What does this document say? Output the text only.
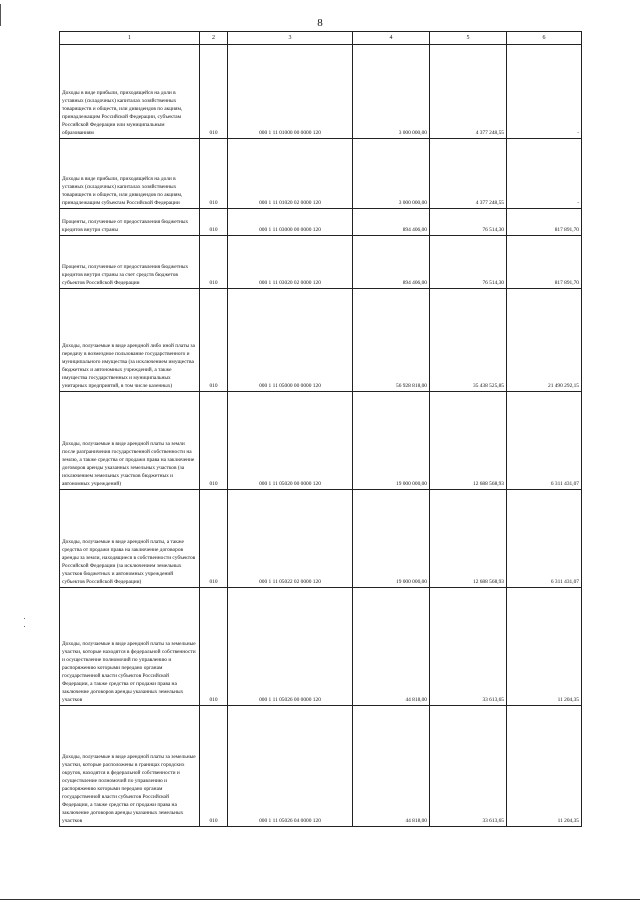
8
1	2	3	4	5	6
Доходы в виде прибыли, приходящейся на доли в уставных (складочных) капиталах хозяйственных товариществ и обществ, или дивидендов по акциям, принадлежащим Российской Федерации, субъектам Российской Федерации или муниципальным образованиям	010	000 1 11 01000 00 0000 120	3 000 000,00	4 377 248,55	-
Доходы в виде прибыли, приходящейся на доли в уставных (складочных) капиталах хозяйственных товариществ и обществ, или дивидендов по акциям, принадлежащим субъектам Российской Федерации	010	000 1 11 01020 02 0000 120	3 000 000,00	4 377 248,55	-
Проценты, полученные от предоставления бюджетных кредитов внутри страны	010	000 1 11 03000 00 0000 120	894 406,00	76 514,30	817 891,70
Проценты, полученные от предоставления бюджетных кредитов внутри страны за счет средств бюджетов субъектов Российской Федерации	010	000 1 11 03020 02 0000 120	894 406,00	76 514,30	817 891,70
Доходы, получаемые в виде арендной либо иной платы за передачу в возмездное пользование государственного и муниципального имущества (за исключением имущества бюджетных и автономных учреждений, а также имущества государственных и муниципальных унитарных предприятий, в том числе казенных)	010	000 1 11 05000 00 0000 120	56 928 818,00	35 438 525,85	21 490 292,15
Доходы, получаемые в виде арендной платы за земли после разграничения государственной собственности на землю, а также средства от продажи права на заключение договоров аренды указанных земельных участков (за исключением земельных участков бюджетных и автономных учреждений)	010	000 1 11 05020 00 0000 120	19 000 000,00	12 688 568,93	6 311 431,07
Доходы, получаемые в виде арендной платы, а также средства от продажи права на заключение договоров аренды за земли, находящиеся в собственности субъектов Российской Федерации (за исключением земельных участков бюджетных и автономных учреждений субъектов Российской Федерации)	010	000 1 11 05022 02 0000 120	19 000 000,00	12 688 568,93	6 311 431,07
Доходы, получаемые в виде арендной платы за земельные участки, которые находятся в федеральной собственности и осуществление полномочий по управлению и распоряжению которыми передано органам государственной власти субъектов Российской Федерации, а также средства от продажи права на заключение договоров аренды указанных земельных участков	010	000 1 11 05026 00 0000 120	44 818,00	33 613,65	11 204,35
Доходы, получаемые в виде арендной платы за земельные участки, которые расположены в границах городских округов, находятся в федеральной собственности и осуществление полномочий по управлению и распоряжению которыми передано органам государственной власти субъектов Российской Федерации, а также средства от продажи права на заключение договоров аренды указанных земельных участков	010	000 1 11 05026 04 0000 120	44 818,00	33 613,65	11 204,35
